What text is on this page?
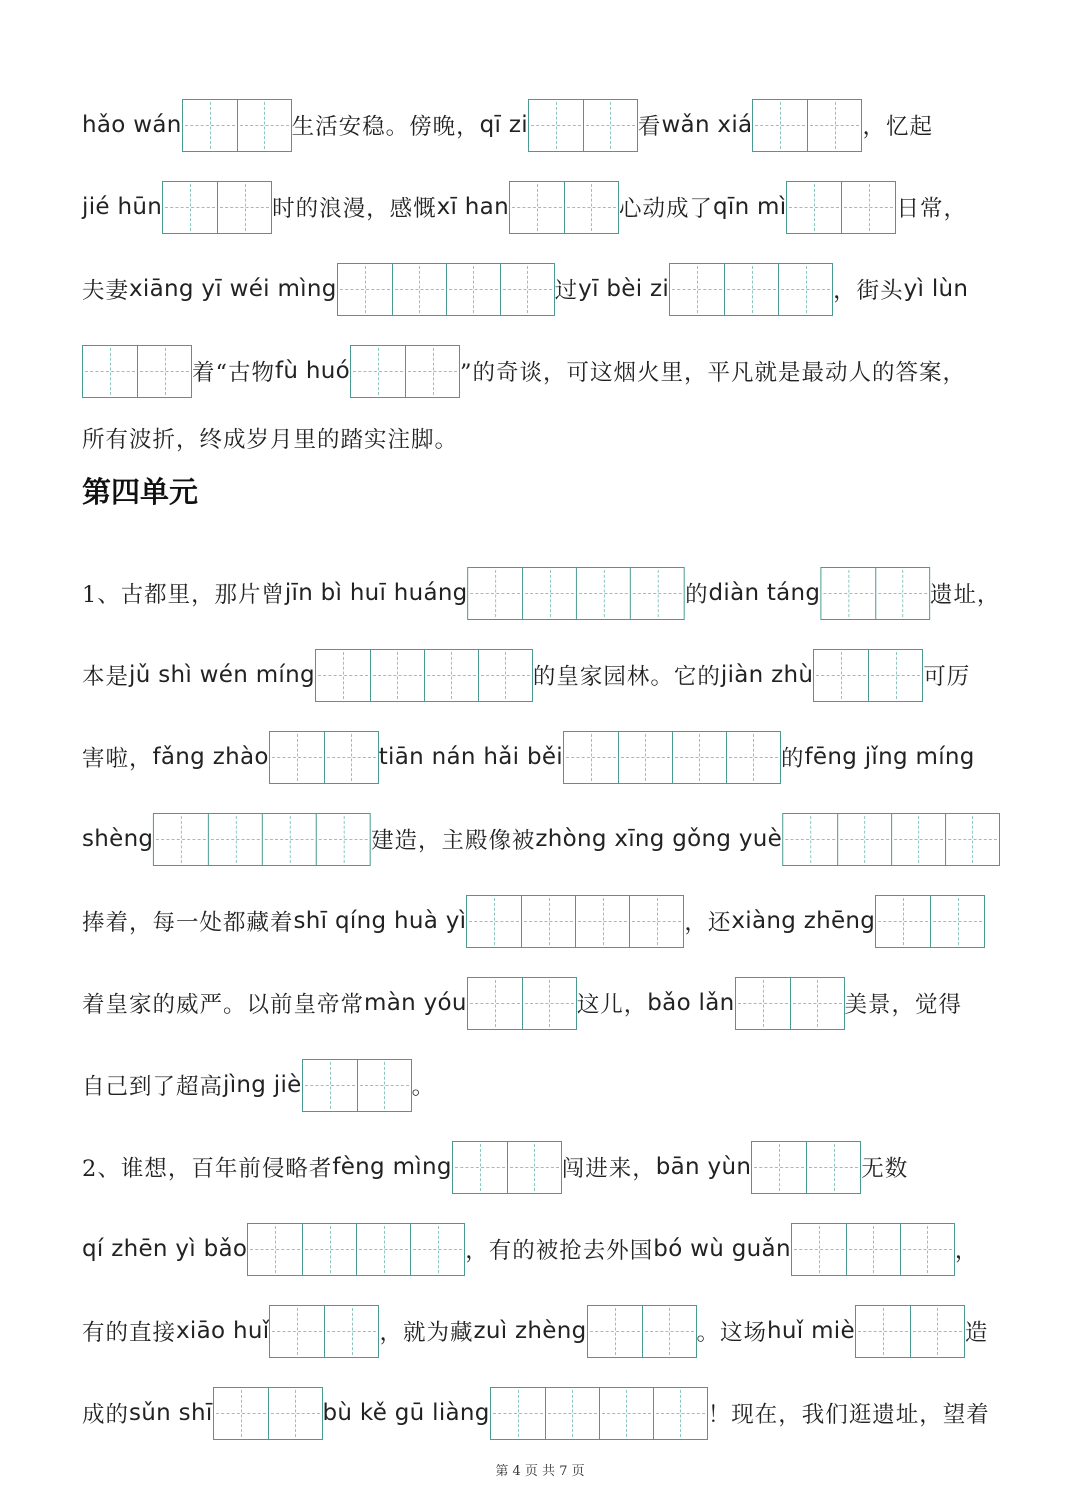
hǎo wán	生活安稳。傍晚， qī zi	看 wǎn xiá	，忆起
jié hūn	时的浪漫，感慨 xī han	心动成了 qīn mì	日常，
夫妻 xiāng yī wéi mìng	过 yī bèi zi	，街头 yì lùn
着“古物 fù huó	”的奇谈，可这烟火里，平凡就是最动人的答案，
所有波折，终成岁月里的踏实注脚。
1、古都里，那片曾 jīn bì huī huáng	的 diàn táng	遗址，
本是 jǔ shì wén míng	的皇家园林。它的 jiàn zhù	可厉
害啦， fǎng zhào	tiān nán hǎi běi	的 fēng jǐng míng
shèng	建造，主殿像被 zhòng xīng gǒng yuè
捧着，每一处都藏着 shī qíng huà yì	，还 xiàng zhēng
着皇家的威严。以前皇帝常 màn yóu	这儿， bǎo lǎn	美景，觉得
自己到了超高 jìng jiè	。
2、谁想，百年前侵略者 fèng mìng	闯进来， bān yùn	无数
qí zhēn yì bǎo	，有的被抢去外国 bó wù guǎn	，
有的直接 xiāo huǐ	，就为藏 zuì zhèng	。这场 huǐ miè	造
成的 sǔn shī	bù kě gū liàng	！现在，我们逛遗址，望着
第四单元
第 4 页 共 7 页
